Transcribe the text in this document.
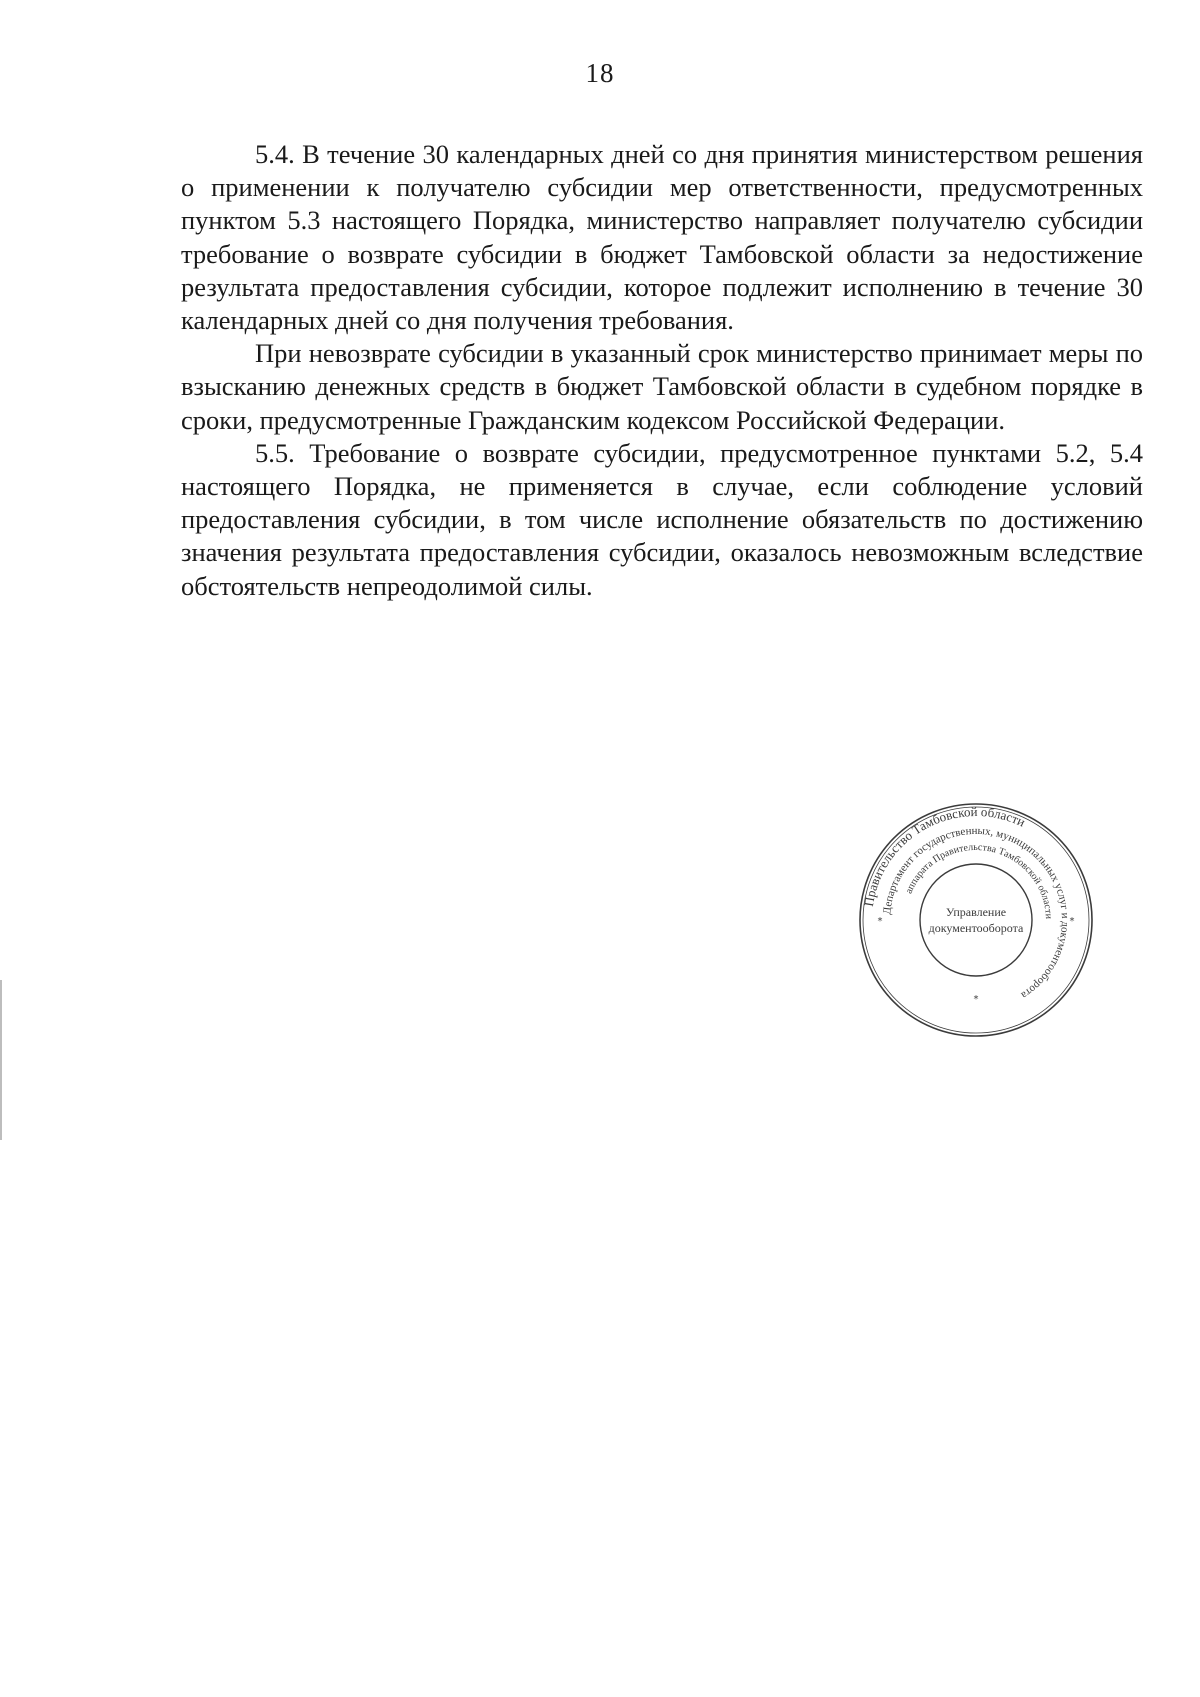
18

5.4. В течение 30 календарных дней со дня принятия министерством решения о применении к получателю субсидии мер ответственности, предусмотренных пунктом 5.3 настоящего Порядка, министерство направляет получателю субсидии требование о возврате субсидии в бюджет Тамбовской области за недостижение результата предоставления субсидии, которое подлежит исполнению в течение 30 календарных дней со дня получения требования.

При невозврате субсидии в указанный срок министерство принимает меры по взысканию денежных средств в бюджет Тамбовской области в судебном порядке в сроки, предусмотренные Гражданским кодексом Российской Федерации.

5.5. Требование о возврате субсидии, предусмотренное пунктами 5.2, 5.4 настоящего Порядка, не применяется в случае, если соблюдение условий предоставления субсидии, в том числе исполнение обязательств по достижению значения результата предоставления субсидии, оказалось невозможным вследствие обстоятельств непреодолимой силы.

Правительство Тамбовской области
Департамент государственных, муниципальных услуг и документооборота
аппарата Правительства Тамбовской области
Управление
документооборота
*	*
*
